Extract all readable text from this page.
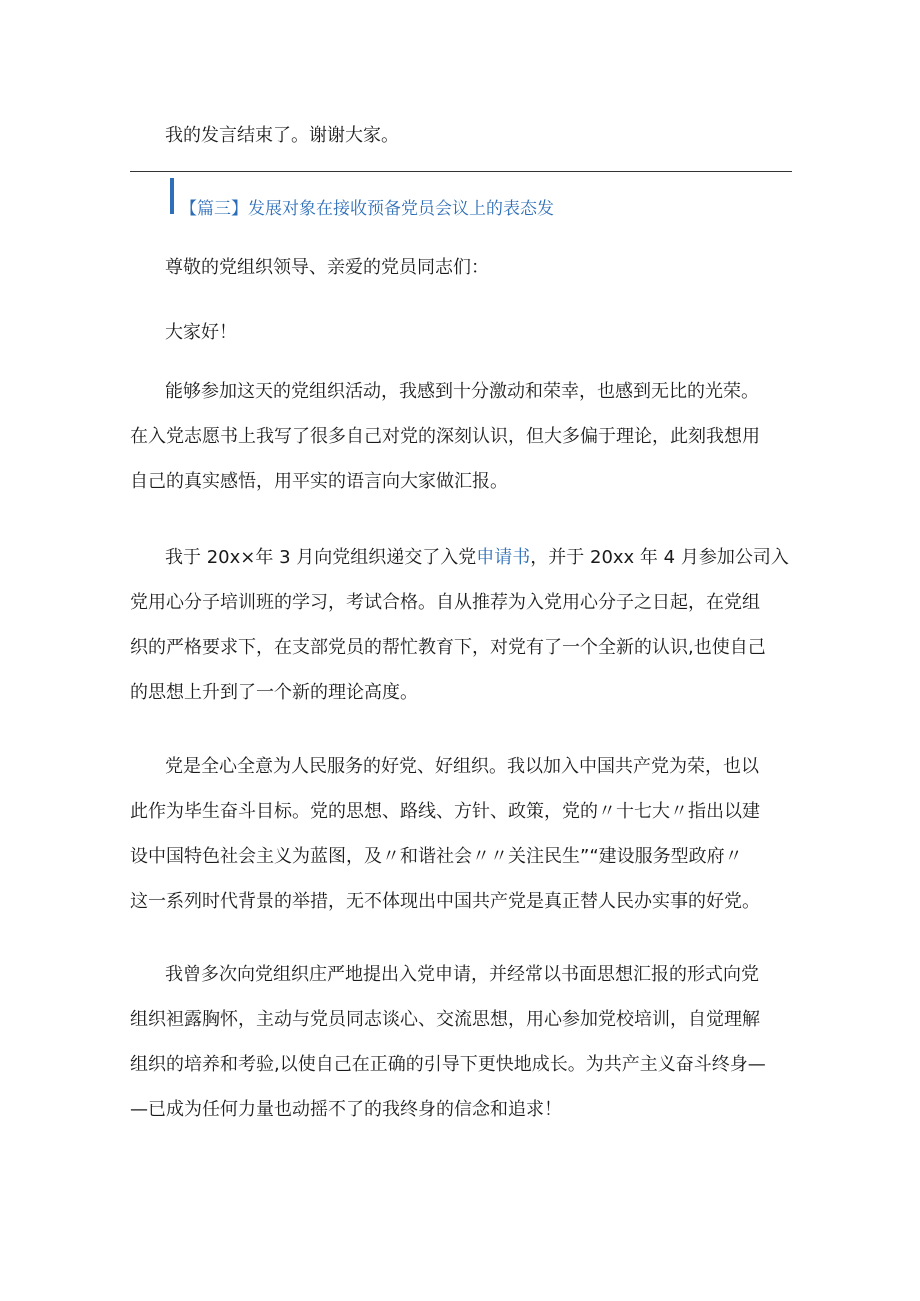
我的发言结束了。谢谢大家。
【篇三】发展对象在接收预备党员会议上的表态发
尊敬的党组织领导、亲爱的党员同志们：
大家好！

能够参加这天的党组织活动，我感到十分激动和荣幸，也感到无比的光荣。
在入党志愿书上我写了很多自己对党的深刻认识，但大多偏于理论，此刻我想用
自己的真实感悟，用平实的语言向大家做汇报。

我于 20x×年 3 月向党组织递交了入党申请书，并于 20xx 年 4 月参加公司入
党用心分子培训班的学习，考试合格。自从推荐为入党用心分子之日起，在党组
织的严格要求下，在支部党员的帮忙教育下，对党有了一个全新的认识,也使自己
的思想上升到了一个新的理论高度。

党是全心全意为人民服务的好党、好组织。我以加入中国共产党为荣，也以
此作为毕生奋斗目标。党的思想、路线、方针、政策，党的〃十七大〃指出以建
设中国特色社会主义为蓝图，及〃和谐社会〃〃关注民生”“建设服务型政府〃
这一系列时代背景的举措，无不体现出中国共产党是真正替人民办实事的好党。

我曾多次向党组织庄严地提出入党申请，并经常以书面思想汇报的形式向党
组织袒露胸怀，主动与党员同志谈心、交流思想，用心参加党校培训，自觉理解
组织的培养和考验,以使自己在正确的引导下更快地成长。为共产主义奋斗终身—
—已成为任何力量也动摇不了的我终身的信念和追求！
